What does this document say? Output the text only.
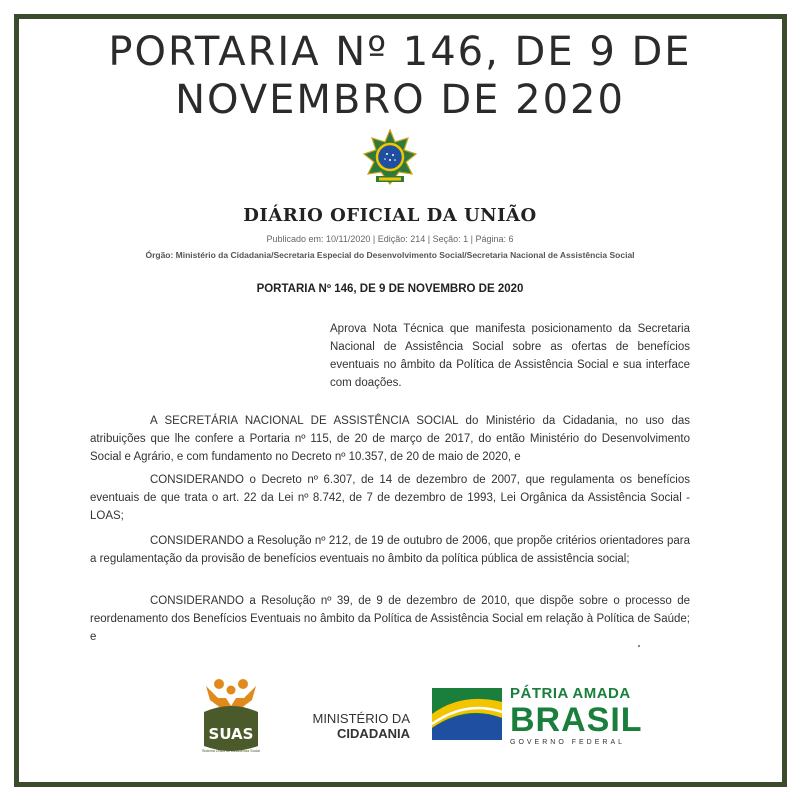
PORTARIA Nº 146, DE 9 DE
NOVEMBRO DE 2020
DIÁRIO OFICIAL DA UNIÃO
Publicado em: 10/11/2020 | Edição: 214 | Seção: 1 | Página: 6
Órgão: Ministério da Cidadania/Secretaria Especial do Desenvolvimento Social/Secretaria Nacional de Assistência Social
PORTARIA Nº 146, DE 9 DE NOVEMBRO DE 2020
Aprova Nota Técnica que manifesta posicionamento da Secretaria Nacional de Assistência Social sobre as ofertas de benefícios eventuais no âmbito da Política de Assistência Social e sua interface com doações.
A SECRETÁRIA NACIONAL DE ASSISTÊNCIA SOCIAL do Ministério da Cidadania, no uso das atribuições que lhe confere a Portaria nº 115, de 20 de março de 2017, do então Ministério do Desenvolvimento Social e Agrário, e com fundamento no Decreto nº 10.357, de 20 de maio de 2020, e
CONSIDERANDO o Decreto nº 6.307, de 14 de dezembro de 2007, que regulamenta os benefícios eventuais de que trata o art. 22 da Lei nº 8.742, de 7 de dezembro de 1993, Lei Orgânica da Assistência Social - LOAS;
CONSIDERANDO a Resolução nº 212, de 19 de outubro de 2006, que propõe critérios orientadores para a regulamentação da provisão de benefícios eventuais no âmbito da política pública de assistência social;
CONSIDERANDO a Resolução nº 39, de 9 de dezembro de 2010, que dispõe sobre o processo de reordenamento dos Benefícios Eventuais no âmbito da Política de Assistência Social em relação à Política de Saúde; e
SUAS
Sistema Único de Assistência Social
MINISTÉRIO DA
CIDADANIA
PÁTRIA AMADA
BRASIL
GOVERNO FEDERAL
